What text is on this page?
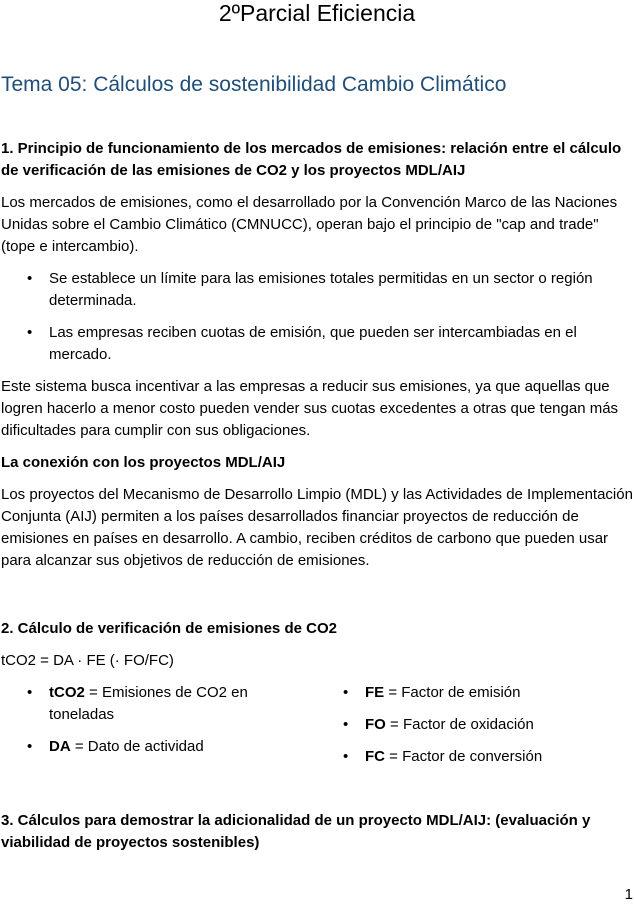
2ºParcial Eficiencia
Tema 05: Cálculos de sostenibilidad Cambio Climático
1. Principio de funcionamiento de los mercados de emisiones: relación entre el cálculo de verificación de las emisiones de CO2 y los proyectos MDL/AIJ

Los mercados de emisiones, como el desarrollado por la Convención Marco de las Naciones Unidas sobre el Cambio Climático (CMNUCC), operan bajo el principio de "cap and trade" (tope e intercambio).

• Se establece un límite para las emisiones totales permitidas en un sector o región determinada.
• Las empresas reciben cuotas de emisión, que pueden ser intercambiadas en el mercado.

Este sistema busca incentivar a las empresas a reducir sus emisiones, ya que aquellas que logren hacerlo a menor costo pueden vender sus cuotas excedentes a otras que tengan más dificultades para cumplir con sus obligaciones.

La conexión con los proyectos MDL/AIJ

Los proyectos del Mecanismo de Desarrollo Limpio (MDL) y las Actividades de Implementación Conjunta (AIJ) permiten a los países desarrollados financiar proyectos de reducción de emisiones en países en desarrollo. A cambio, reciben créditos de carbono que pueden usar para alcanzar sus objetivos de reducción de emisiones.

2. Cálculo de verificación de emisiones de CO2

tCO2 = DA · FE (· FO/FC)

• tCO2 = Emisiones de CO2 en toneladas
• DA = Dato de actividad
• FE = Factor de emisión
• FO = Factor de oxidación
• FC = Factor de conversión
3. Cálculos para demostrar la adicionalidad de un proyecto MDL/AIJ: (evaluación y viabilidad de proyectos sostenibles)
1
